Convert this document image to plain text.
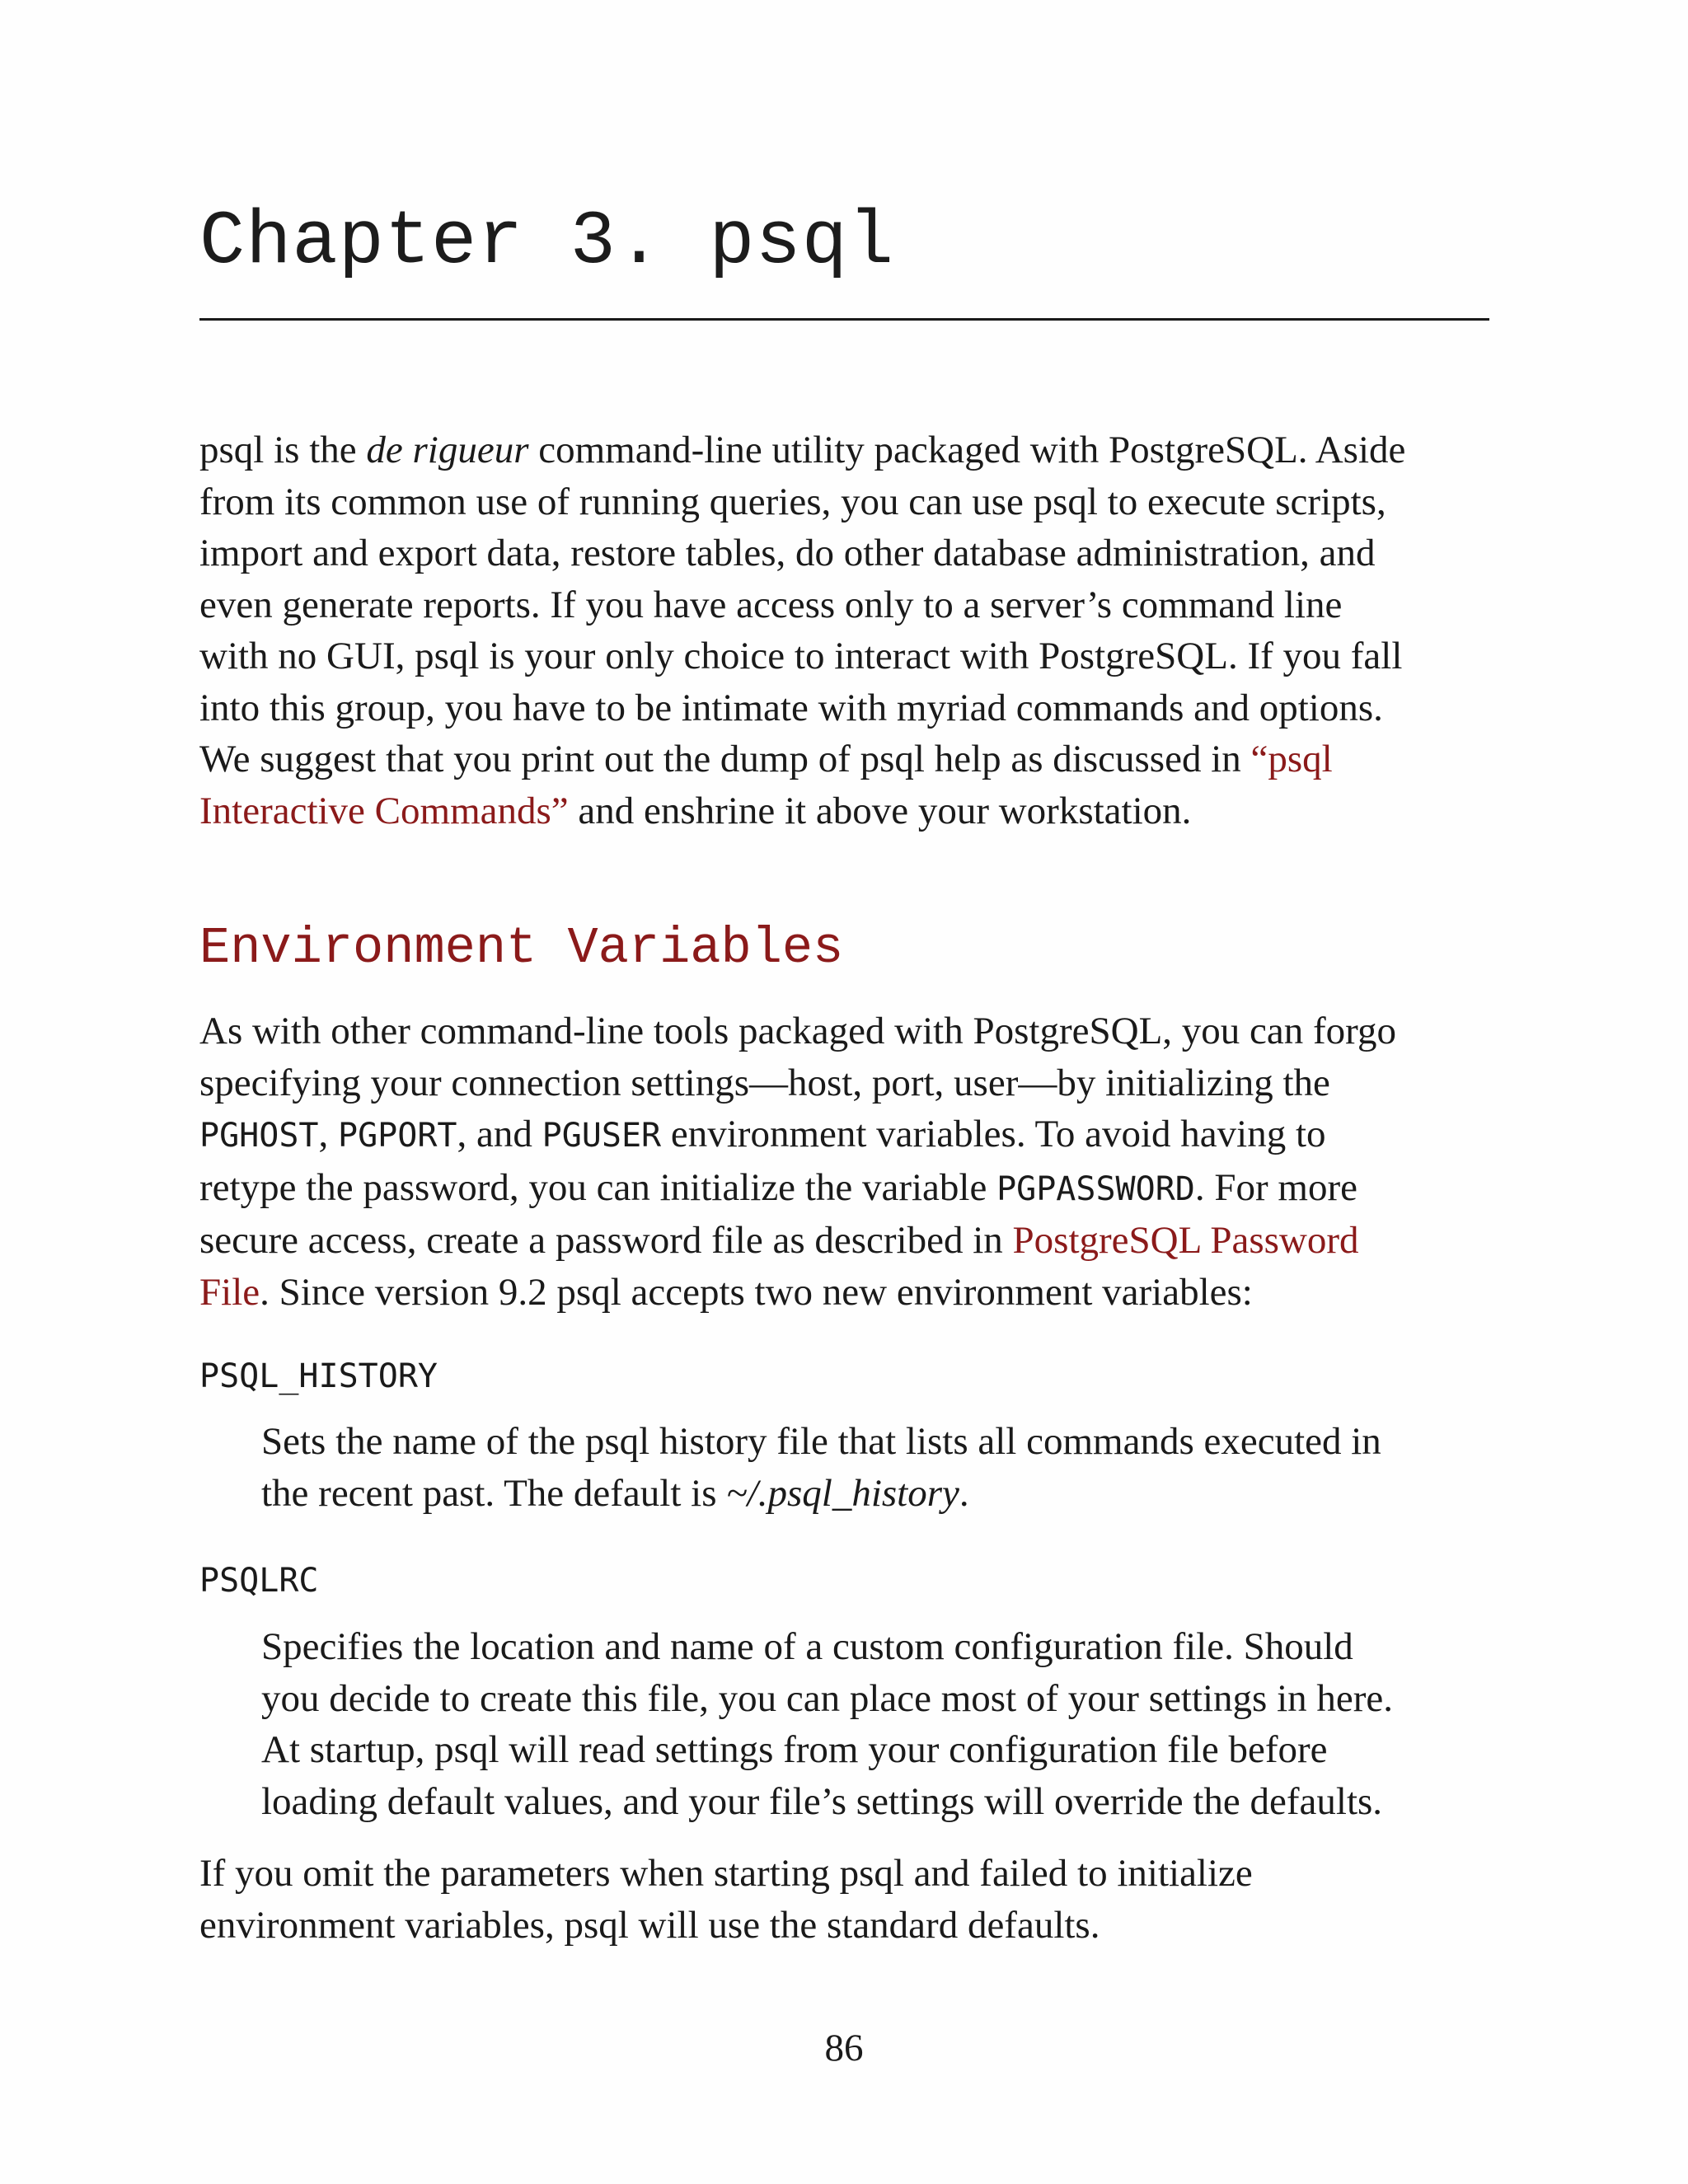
Chapter 3. psql

psql is the de rigueur command-line utility packaged with PostgreSQL. Aside
from its common use of running queries, you can use psql to execute scripts,
import and export data, restore tables, do other database administration, and
even generate reports. If you have access only to a server’s command line
with no GUI, psql is your only choice to interact with PostgreSQL. If you fall
into this group, you have to be intimate with myriad commands and options.
We suggest that you print out the dump of psql help as discussed in “psql
Interactive Commands” and enshrine it above your workstation.

Environment Variables

As with other command-line tools packaged with PostgreSQL, you can forgo
specifying your connection settings—host, port, user—by initializing the
PGHOST, PGPORT, and PGUSER environment variables. To avoid having to
retype the password, you can initialize the variable PGPASSWORD. For more
secure access, create a password file as described in PostgreSQL Password
File. Since version 9.2 psql accepts two new environment variables:

PSQL_HISTORY
Sets the name of the psql history file that lists all commands executed in
the recent past. The default is ~/.psql_history.
PSQLRC
Specifies the location and name of a custom configuration file. Should
you decide to create this file, you can place most of your settings in here.
At startup, psql will read settings from your configuration file before
loading default values, and your file’s settings will override the defaults.

If you omit the parameters when starting psql and failed to initialize
environment variables, psql will use the standard defaults.

86
